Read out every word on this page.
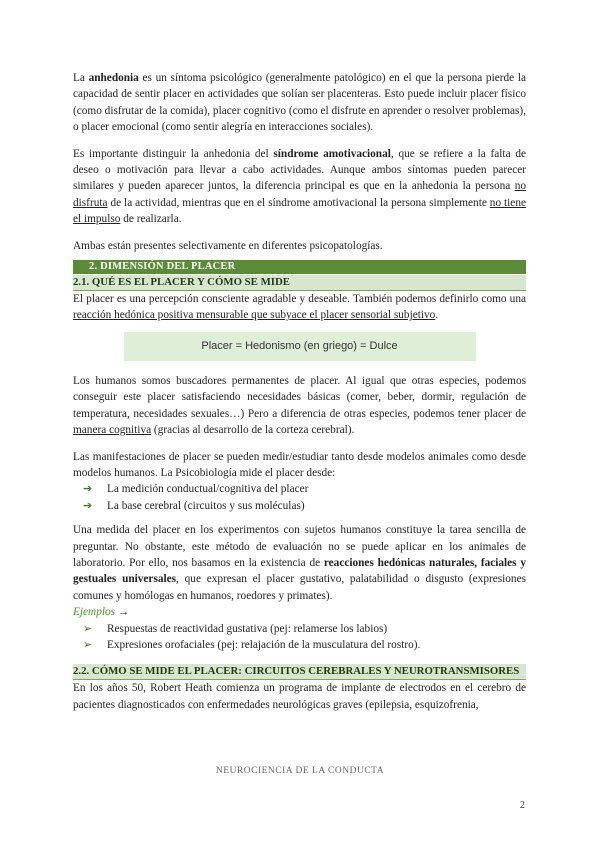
La anhedonia es un síntoma psicológico (generalmente patológico) en el que la persona pierde la capacidad de sentir placer en actividades que solían ser placenteras. Esto puede incluir placer físico (como disfrutar de la comida), placer cognitivo (como el disfrute en aprender o resolver problemas), o placer emocional (como sentir alegría en interacciones sociales).

Es importante distinguir la anhedonia del síndrome amotivacional, que se refiere a la falta de deseo o motivación para llevar a cabo actividades. Aunque ambos síntomas pueden parecer similares y pueden aparecer juntos, la diferencia principal es que en la anhedonia la persona no disfruta de la actividad, mientras que en el síndrome amotivacional la persona simplemente no tiene el impulso de realizarla.

Ambas están presentes selectivamente en diferentes psicopatologías.

2. DIMENSIÓN DEL PLACER
2.1. QUÉ ES EL PLACER Y CÓMO SE MIDE

El placer es una percepción consciente agradable y deseable. También podemos definirlo como una reacción hedónica positiva mensurable que subyace el placer sensorial subjetivo.

Placer = Hedonismo (en griego) = Dulce

Los humanos somos buscadores permanentes de placer. Al igual que otras especies, podemos conseguir este placer satisfaciendo necesidades básicas (comer, beber, dormir, regulación de temperatura, necesidades sexuales…) Pero a diferencia de otras especies, podemos tener placer de manera cognitiva (gracias al desarrollo de la corteza cerebral).

Las manifestaciones de placer se pueden medir/estudiar tanto desde modelos animales como desde modelos humanos. La Psicobiología mide el placer desde:

➔	La medición conductual/cognitiva del placer
➔	La base cerebral (circuitos y sus moléculas)

Una medida del placer en los experimentos con sujetos humanos constituye la tarea sencilla de preguntar. No obstante, este método de evaluación no se puede aplicar en los animales de laboratorio. Por ello, nos basamos en la existencia de reacciones hedónicas naturales, faciales y gestuales universales, que expresan el placer gustativo, palatabilidad o disgusto (expresiones comunes y homólogas en humanos, roedores y primates).

Ejemplos →

➢	Respuestas de reactividad gustativa (pej: relamerse los labios)
➢	Expresiones orofaciales (pej: relajación de la musculatura del rostro).
2.2. CÓMO SE MIDE EL PLACER: CIRCUITOS CEREBRALES Y NEUROTRANSMISORES

En los años 50, Robert Heath comienza un programa de implante de electrodos en el cerebro de pacientes diagnosticados con enfermedades neurológicas graves (epilepsia, esquizofrenia,

NEUROCIENCIA DE LA CONDUCTA
2
